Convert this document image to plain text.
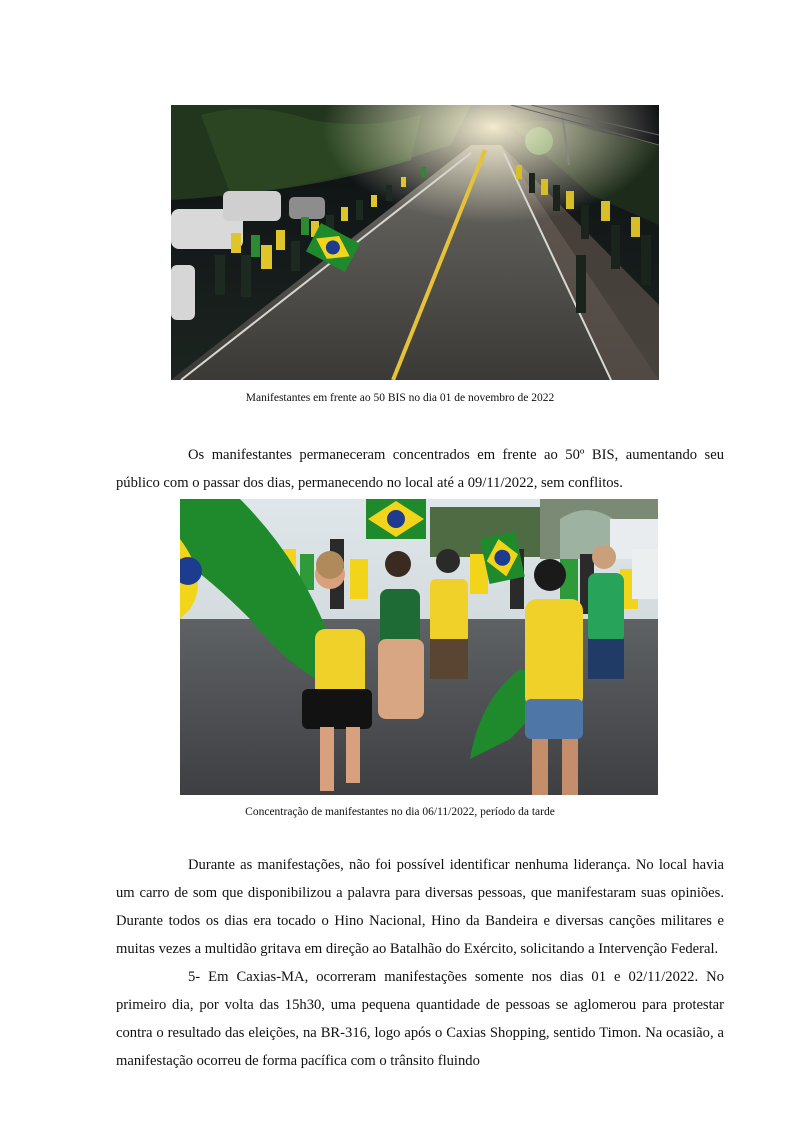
Manifestantes em frente ao 50 BIS no dia 01 de novembro de 2022
Os manifestantes permaneceram concentrados em frente ao 50º BIS, aumentando seu público com o passar dos dias, permanecendo no local até a 09/11/2022, sem conflitos.
Concentração de manifestantes no dia 06/11/2022, período da tarde
Durante as manifestações, não foi possível identificar nenhuma liderança. No local havia um carro de som que disponibilizou a palavra para diversas pessoas, que manifestaram suas opiniões. Durante todos os dias era tocado o Hino Nacional, Hino da Bandeira e diversas canções militares e muitas vezes a multidão gritava em direção ao Batalhão do Exército, solicitando a Intervenção Federal.
5- Em Caxias-MA, ocorreram manifestações somente nos dias 01 e 02/11/2022. No primeiro dia, por volta das 15h30, uma pequena quantidade de pessoas se aglomerou para protestar contra o resultado das eleições, na BR-316, logo após o Caxias Shopping, sentido Timon. Na ocasião, a manifestação ocorreu de forma pacífica com o trânsito fluindo
